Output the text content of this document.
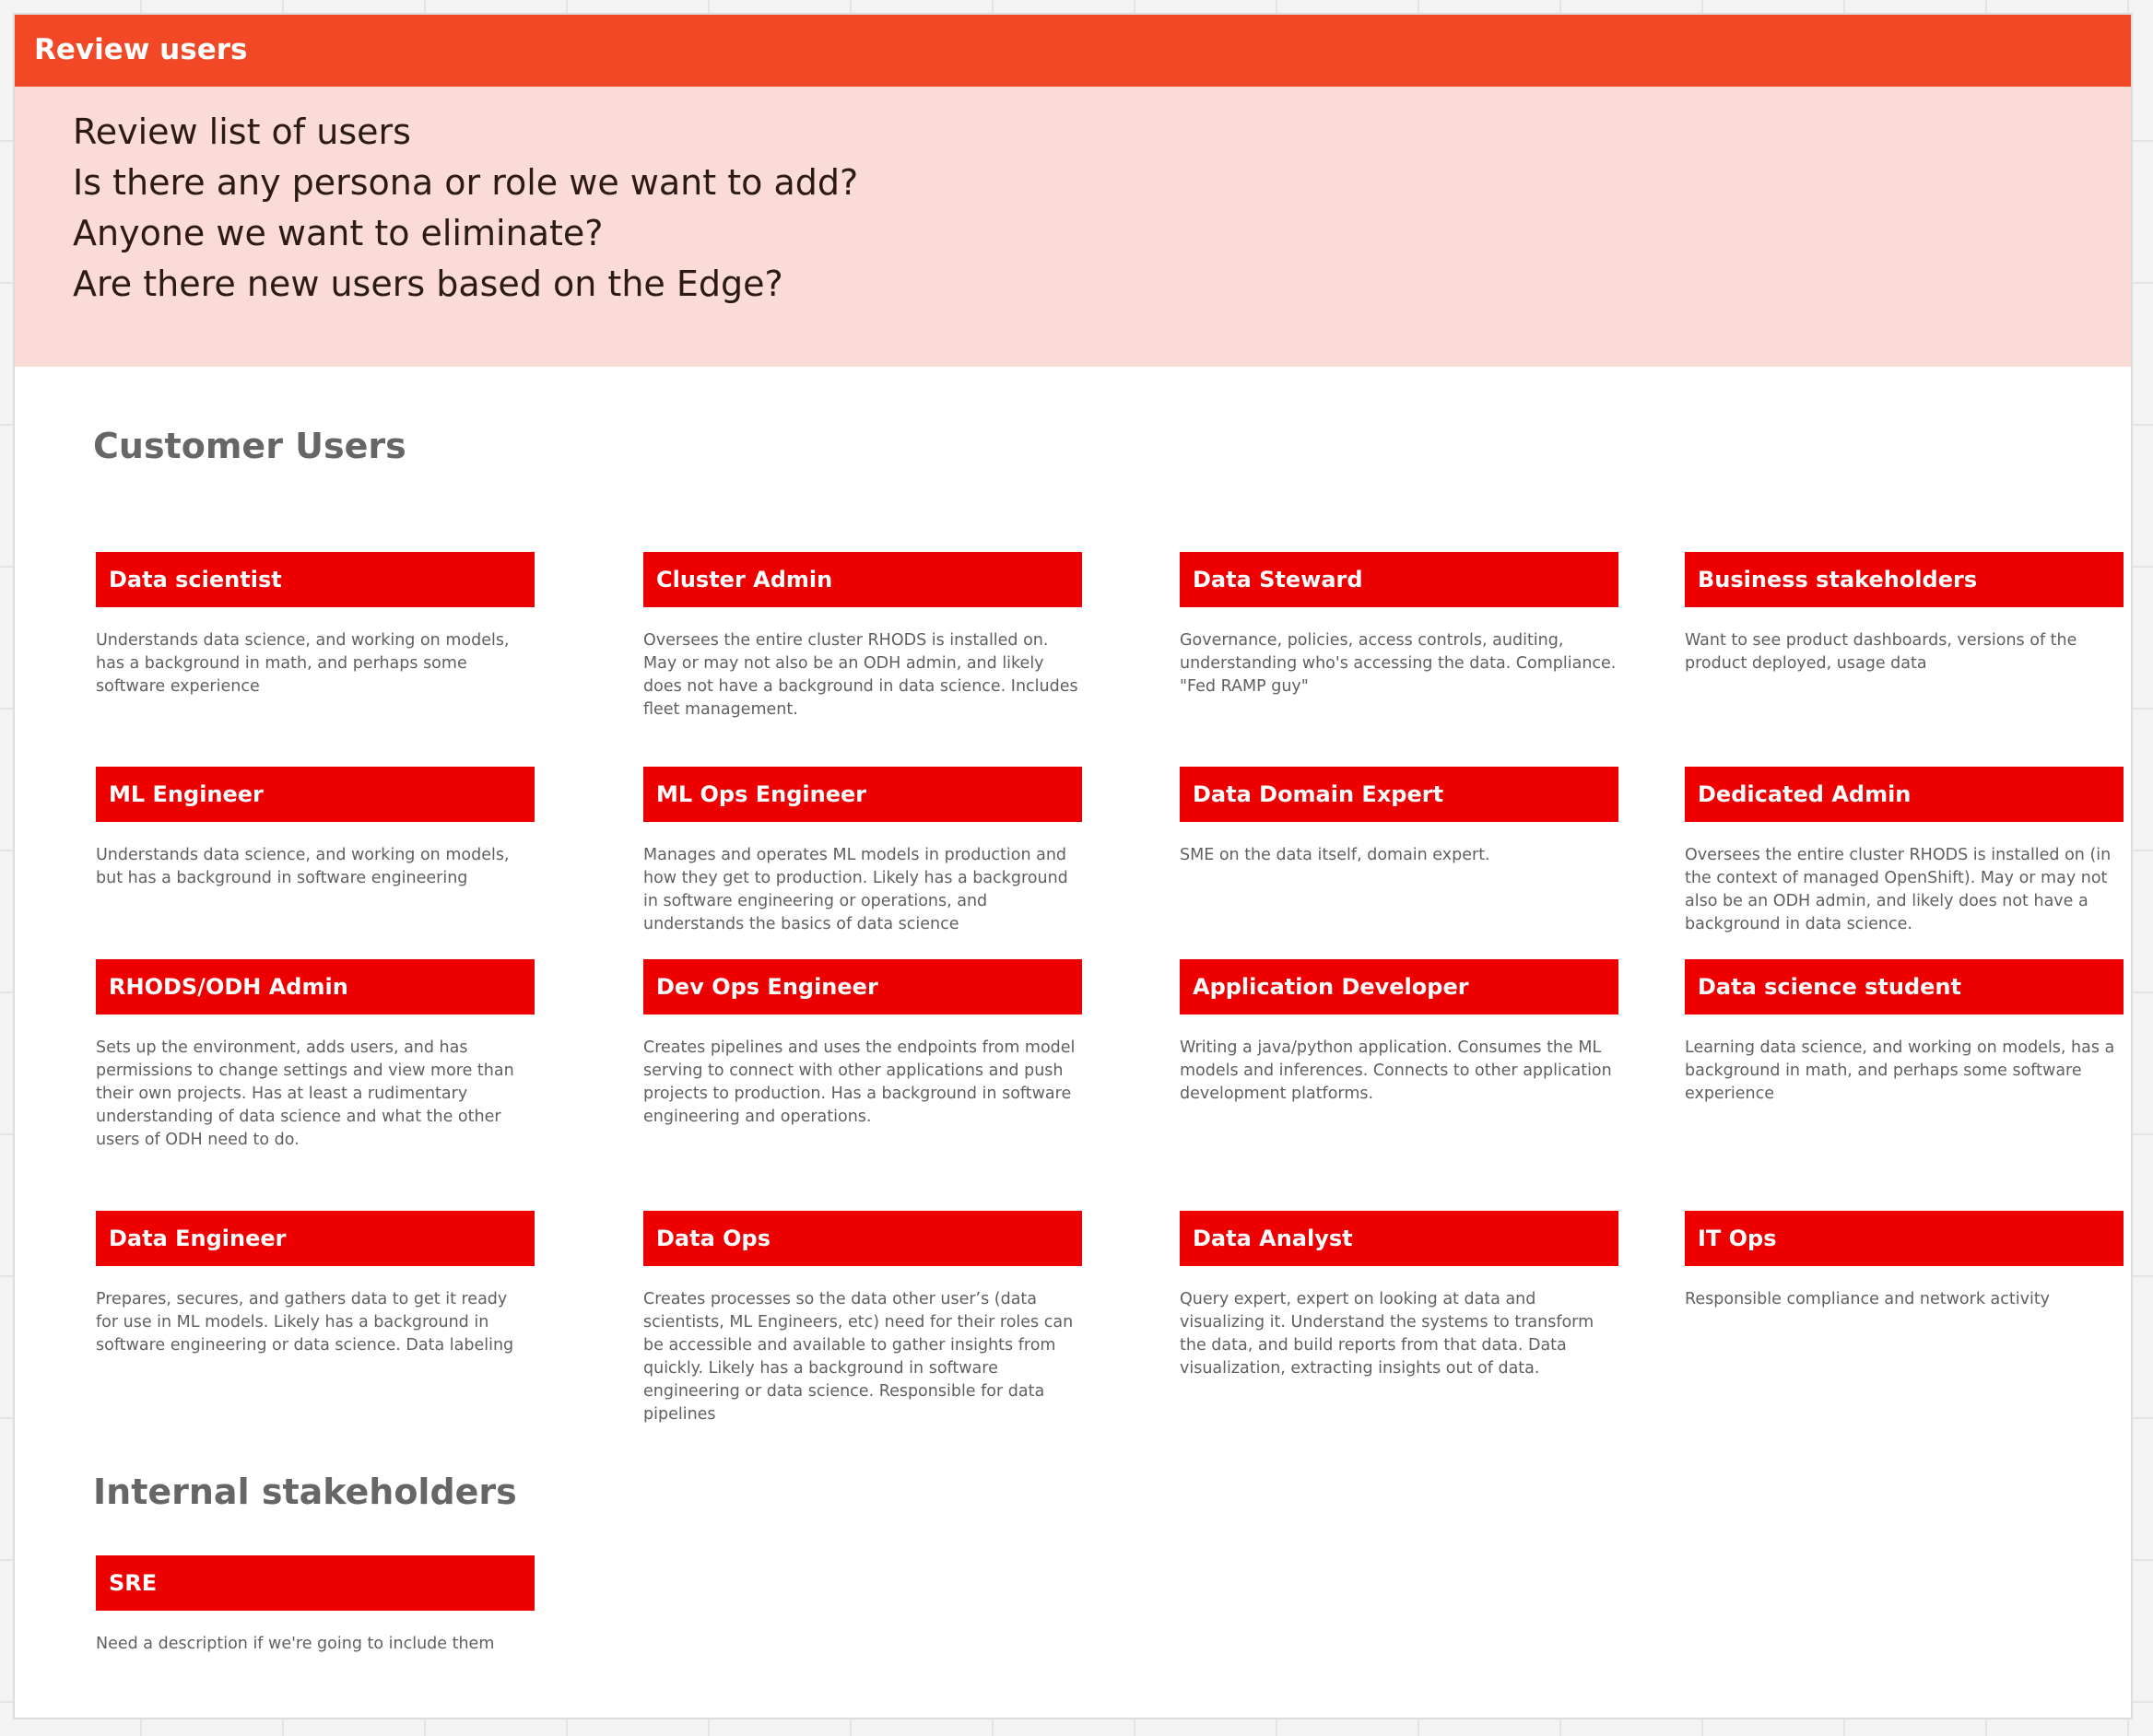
Review users
Review list of users
Is there any persona or role we want to add?
Anyone we want to eliminate?
Are there new users based on the Edge?
Customer Users
Data scientist
Understands data science, and working on models, has a background in math, and perhaps some software experience
Cluster Admin
Oversees the entire cluster RHODS is installed on. May or may not also be an ODH admin, and likely does not have a background in data science. Includes fleet management.
Data Steward
Governance, policies, access controls, auditing, understanding who's accessing the data. Compliance. "Fed RAMP guy"
Business stakeholders
Want to see product dashboards, versions of the product deployed, usage data
ML Engineer
Understands data science, and working on models, but has a background in software engineering
ML Ops Engineer
Manages and operates ML models in production and how they get to production. Likely has a background in software engineering or operations, and understands the basics of data science
Data Domain Expert
SME on the data itself, domain expert.
Dedicated Admin
Oversees the entire cluster RHODS is installed on (in the context of managed OpenShift). May or may not also be an ODH admin, and likely does not have a background in data science.
RHODS/ODH Admin
Sets up the environment, adds users, and has permissions to change settings and view more than their own projects. Has at least a rudimentary understanding of data science and what the other users of ODH need to do.
Dev Ops Engineer
Creates pipelines and uses the endpoints from model serving to connect with other applications and push projects to production. Has a background in software engineering and operations.
Application Developer
Writing a java/python application. Consumes the ML models and inferences. Connects to other application development platforms.
Data science student
Learning data science, and working on models, has a background in math, and perhaps some software experience
Data Engineer
Prepares, secures, and gathers data to get it ready for use in ML models. Likely has a background in software engineering or data science. Data labeling
Data Ops
Creates processes so the data other user’s (data scientists, ML Engineers, etc) need for their roles can be accessible and available to gather insights from quickly. Likely has a background in software engineering or data science. Responsible for data pipelines
Data Analyst
Query expert, expert on looking at data and visualizing it. Understand the systems to transform the data, and build reports from that data. Data visualization, extracting insights out of data.
IT Ops
Responsible compliance and network activity
Internal stakeholders
SRE
Need a description if we're going to include them
